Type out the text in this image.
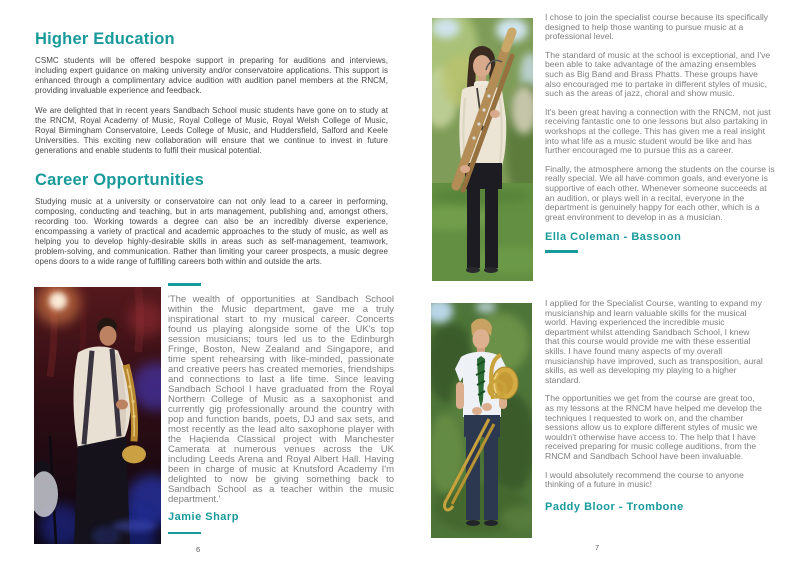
Higher Education

CSMC students will be offered bespoke support in preparing for auditions and interviews, including expert guidance on making university and/or conservatoire applications. This support is enhanced through a complimentary advice audition with audition panel members at the RNCM, providing invaluable experience and feedback.

We are delighted that in recent years Sandbach School music students have gone on to study at the RNCM, Royal Academy of Music, Royal College of Music, Royal Welsh College of Music, Royal Birmingham Conservatoire, Leeds College of Music, and Huddersfield, Salford and Keele Universities. This exciting new collaboration will ensure that we continue to invest in future generations and enable students to fulfil their musical potential.

Career Opportunities

Studying music at a university or conservatoire can not only lead to a career in performing, composing, conducting and teaching, but in arts management, publishing and, amongst others, recording too. Working towards a degree can also be an incredibly diverse experience, encompassing a variety of practical and academic approaches to the study of music, as well as helping you to develop highly-desirable skills in areas such as self-management, teamwork, problem-solving, and communication. Rather than limiting your career prospects, a music degree opens doors to a wide range of fulfilling careers both within and outside the arts.

'The wealth of opportunities at Sandbach School within the Music department, gave me a truly inspirational start to my musical career. Concerts found us playing alongside some of the UK's top session musicians; tours led us to the Edinburgh Fringe, Boston, New Zealand and Singapore, and time spent rehearsing with like-minded, passionate and creative peers has created memories, friendships and connections to last a life time. Since leaving Sandbach School I have graduated from the Royal Northern College of Music as a saxophonist and currently gig professionally around the country with pop and function bands, poets, DJ and sax sets, and most recently as the lead alto saxophone player with the Haçienda Classical project with Manchester Camerata at numerous venues across the UK including Leeds Arena and Royal Albert Hall. Having been in charge of music at Knutsford Academy I'm delighted to now be giving something back to Sandbach School as a teacher within the music department.'

Jamie Sharp
6

I chose to join the specialist course because its specifically designed to help those wanting to pursue music at a professional level.

The standard of music at the school is exceptional, and I've been able to take advantage of the amazing ensembles such as Big Band and Brass Phatts. These groups have also encouraged me to partake in different styles of music, such as the areas of jazz, choral and show music.

It's been great having a connection with the RNCM, not just receiving fantastic one to one lessons but also partaking in workshops at the college. This has given me a real insight into what life as a music student would be like and has further encouraged me to pursue this as a career.

Finally, the atmosphere among the students on the course is really special. We all have common goals, and everyone is supportive of each other. Whenever someone succeeds at an audition, or plays well in a recital, everyone in the department is genuinely happy for each other, which is a great environment to develop in as a musician.

Ella Coleman - Bassoon

I applied for the Specialist Course, wanting to expand my musicianship and learn valuable skills for the musical world. Having experienced the incredible music department whilst attending Sandbach School, I knew that this course would provide me with these essential skills. I have found many aspects of my overall musicianship have improved, such as transposition, aural skills, as well as developing my playing to a higher standard.

The opportunities we get from the course are great too, as my lessons at the RNCM have helped me develop the techniques I requested to work on, and the chamber sessions allow us to explore different styles of music we wouldn't otherwise have access to. The help that I have received preparing for music college auditions, from the RNCM and Sandbach School have been invaluable.

I would absolutely recommend the course to anyone thinking of a future in music!

Paddy Bloor - Trombone
7
